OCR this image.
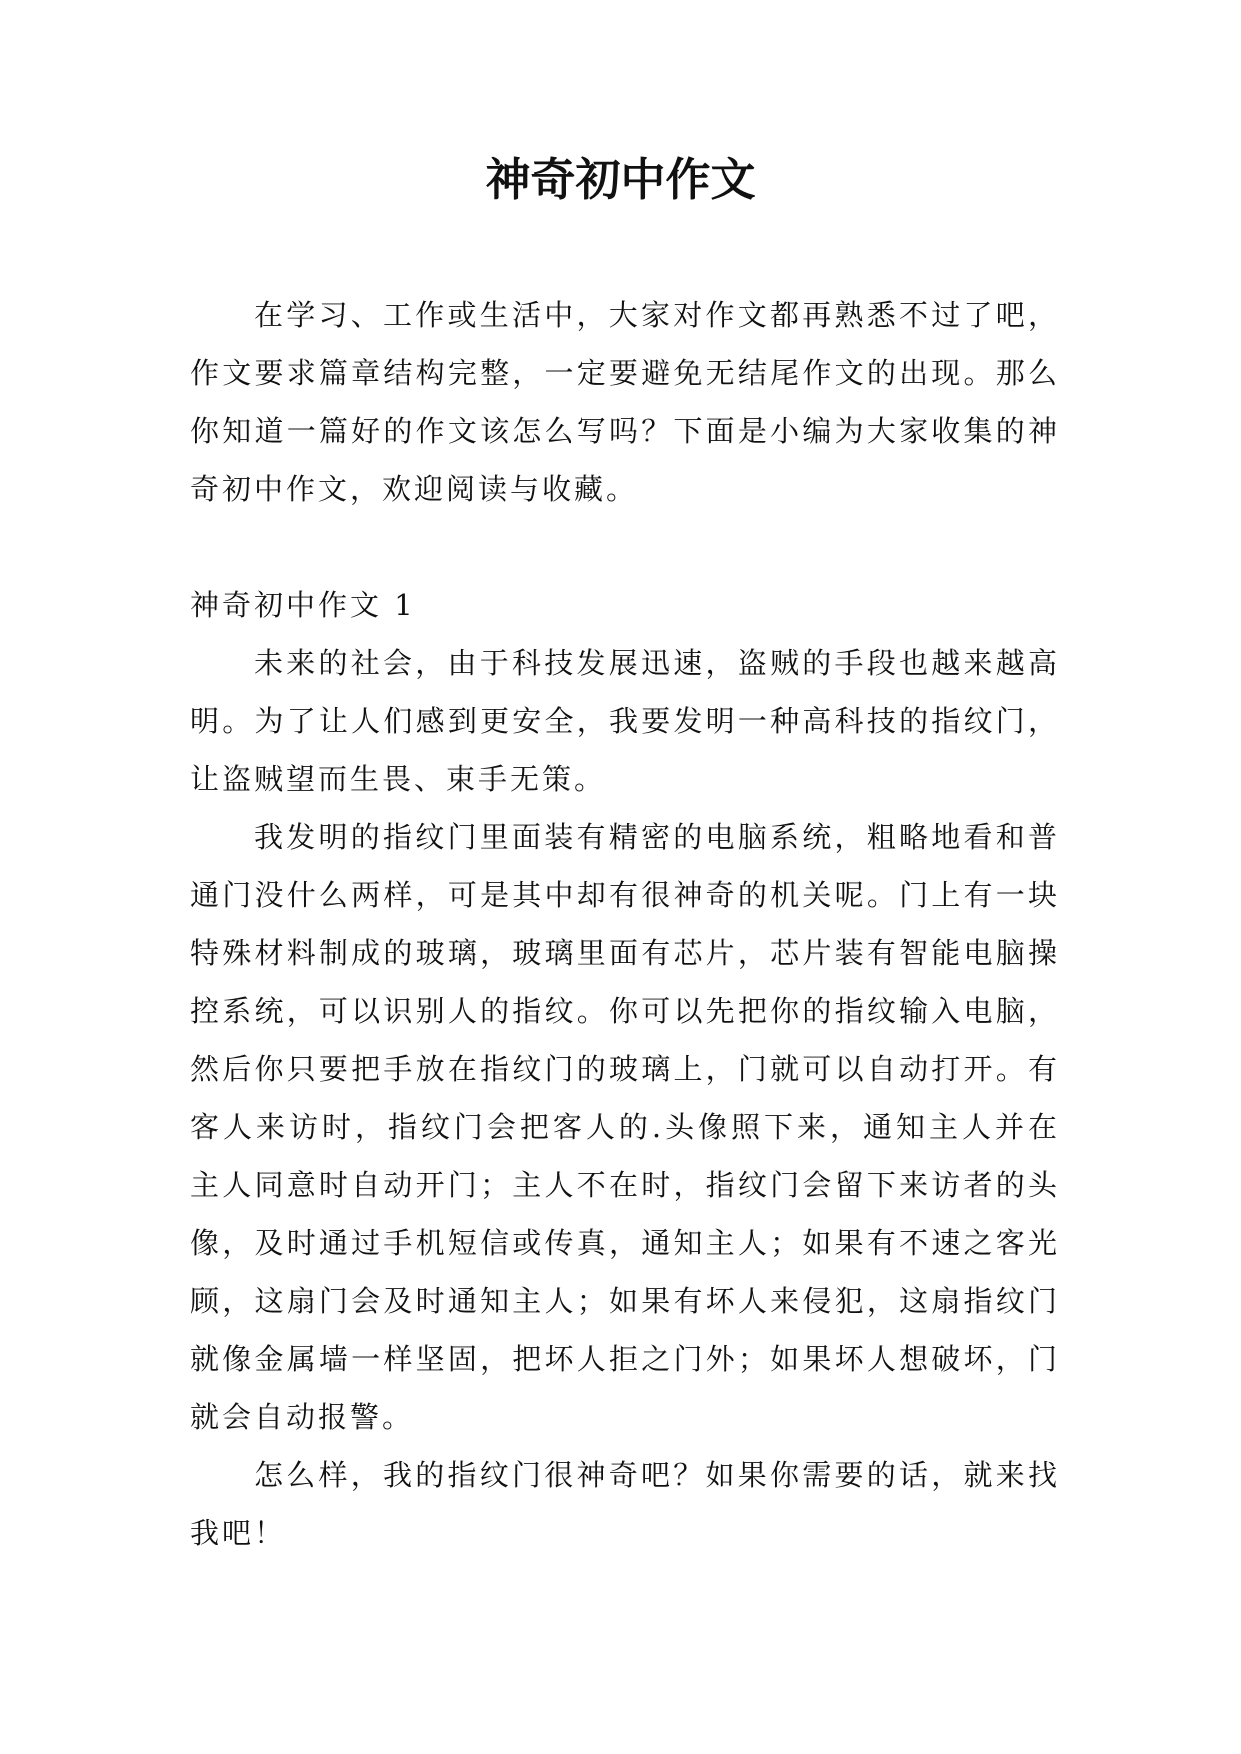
神奇初中作文

在学习、工作或生活中，大家对作文都再熟悉不过了吧，作文要求篇章结构完整，一定要避免无结尾作文的出现。那么你知道一篇好的作文该怎么写吗？下面是小编为大家收集的神奇初中作文，欢迎阅读与收藏。

神奇初中作文 1

未来的社会，由于科技发展迅速，盗贼的手段也越来越高明。为了让人们感到更安全，我要发明一种高科技的指纹门，让盗贼望而生畏、束手无策。

我发明的指纹门里面装有精密的电脑系统，粗略地看和普通门没什么两样，可是其中却有很神奇的机关呢。门上有一块特殊材料制成的玻璃，玻璃里面有芯片，芯片装有智能电脑操控系统，可以识别人的指纹。你可以先把你的指纹输入电脑，然后你只要把手放在指纹门的玻璃上，门就可以自动打开。有客人来访时，指纹门会把客人的.头像照下来，通知主人并在主人同意时自动开门；主人不在时，指纹门会留下来访者的头像，及时通过手机短信或传真，通知主人；如果有不速之客光顾，这扇门会及时通知主人；如果有坏人来侵犯，这扇指纹门就像金属墙一样坚固，把坏人拒之门外；如果坏人想破坏，门就会自动报警。

怎么样，我的指纹门很神奇吧？如果你需要的话，就来找我吧！
